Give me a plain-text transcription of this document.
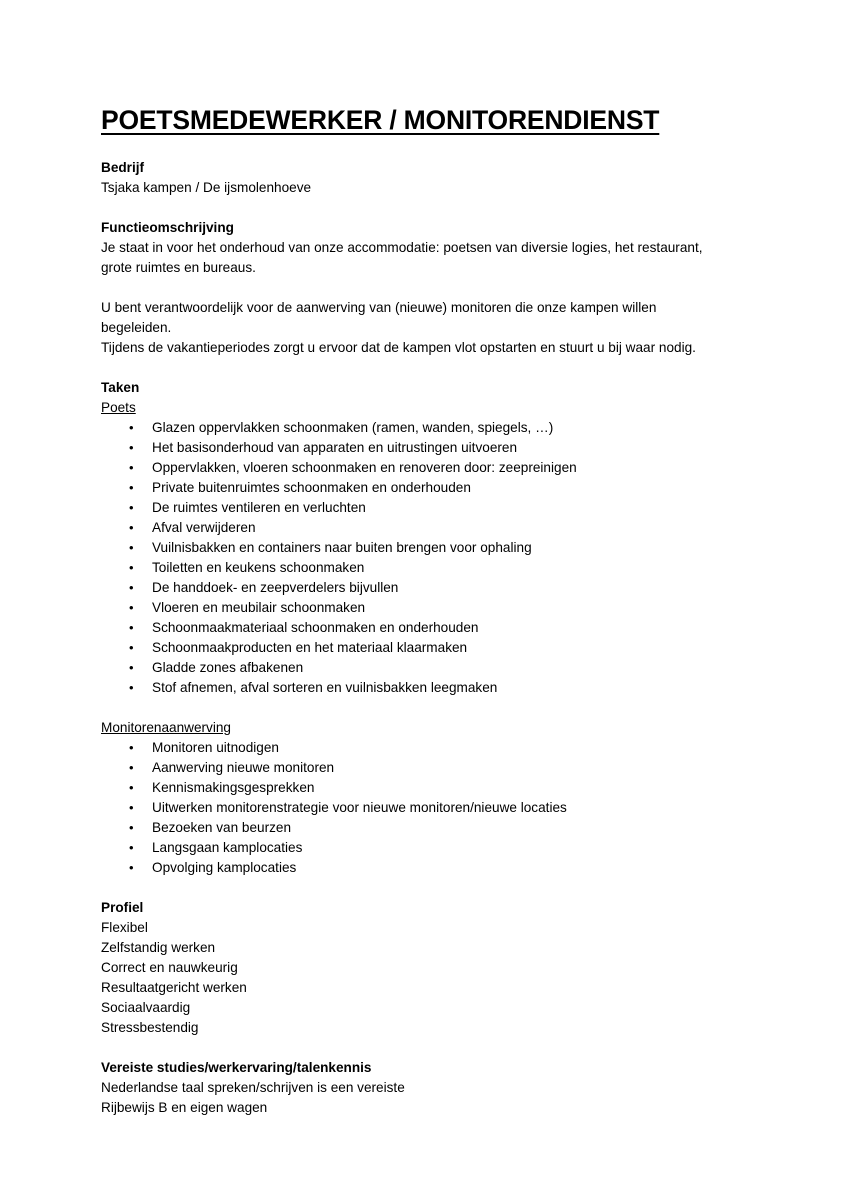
POETSMEDEWERKER / MONITORENDIENST

Bedrijf

Tsjaka kampen / De ijsmolenhoeve

Functieomschrijving

Je staat in voor het onderhoud van onze accommodatie: poetsen van diversie logies, het restaurant,

grote ruimtes en bureaus.

U bent verantwoordelijk voor de aanwerving van (nieuwe) monitoren die onze kampen willen

begeleiden.

Tijdens de vakantieperiodes zorgt u ervoor dat de kampen vlot opstarten en stuurt u bij waar nodig.

Taken

Poets

• Glazen oppervlakken schoonmaken (ramen, wanden, spiegels, …)
• Het basisonderhoud van apparaten en uitrustingen uitvoeren
• Oppervlakken, vloeren schoonmaken en renoveren door: zeepreinigen
• Private buitenruimtes schoonmaken en onderhouden
• De ruimtes ventileren en verluchten
• Afval verwijderen
• Vuilnisbakken en containers naar buiten brengen voor ophaling
• Toiletten en keukens schoonmaken
• De handdoek- en zeepverdelers bijvullen
• Vloeren en meubilair schoonmaken
• Schoonmaakmateriaal schoonmaken en onderhouden
• Schoonmaakproducten en het materiaal klaarmaken
• Gladde zones afbakenen
• Stof afnemen, afval sorteren en vuilnisbakken leegmaken

Monitorenaanwerving

• Monitoren uitnodigen
• Aanwerving nieuwe monitoren
• Kennismakingsgesprekken
• Uitwerken monitorenstrategie voor nieuwe monitoren/nieuwe locaties
• Bezoeken van beurzen
• Langsgaan kamplocaties
• Opvolging kamplocaties

Profiel

Flexibel

Zelfstandig werken

Correct en nauwkeurig

Resultaatgericht werken

Sociaalvaardig

Stressbestendig

Vereiste studies/werkervaring/talenkennis

Nederlandse taal spreken/schrijven is een vereiste

Rijbewijs B en eigen wagen
